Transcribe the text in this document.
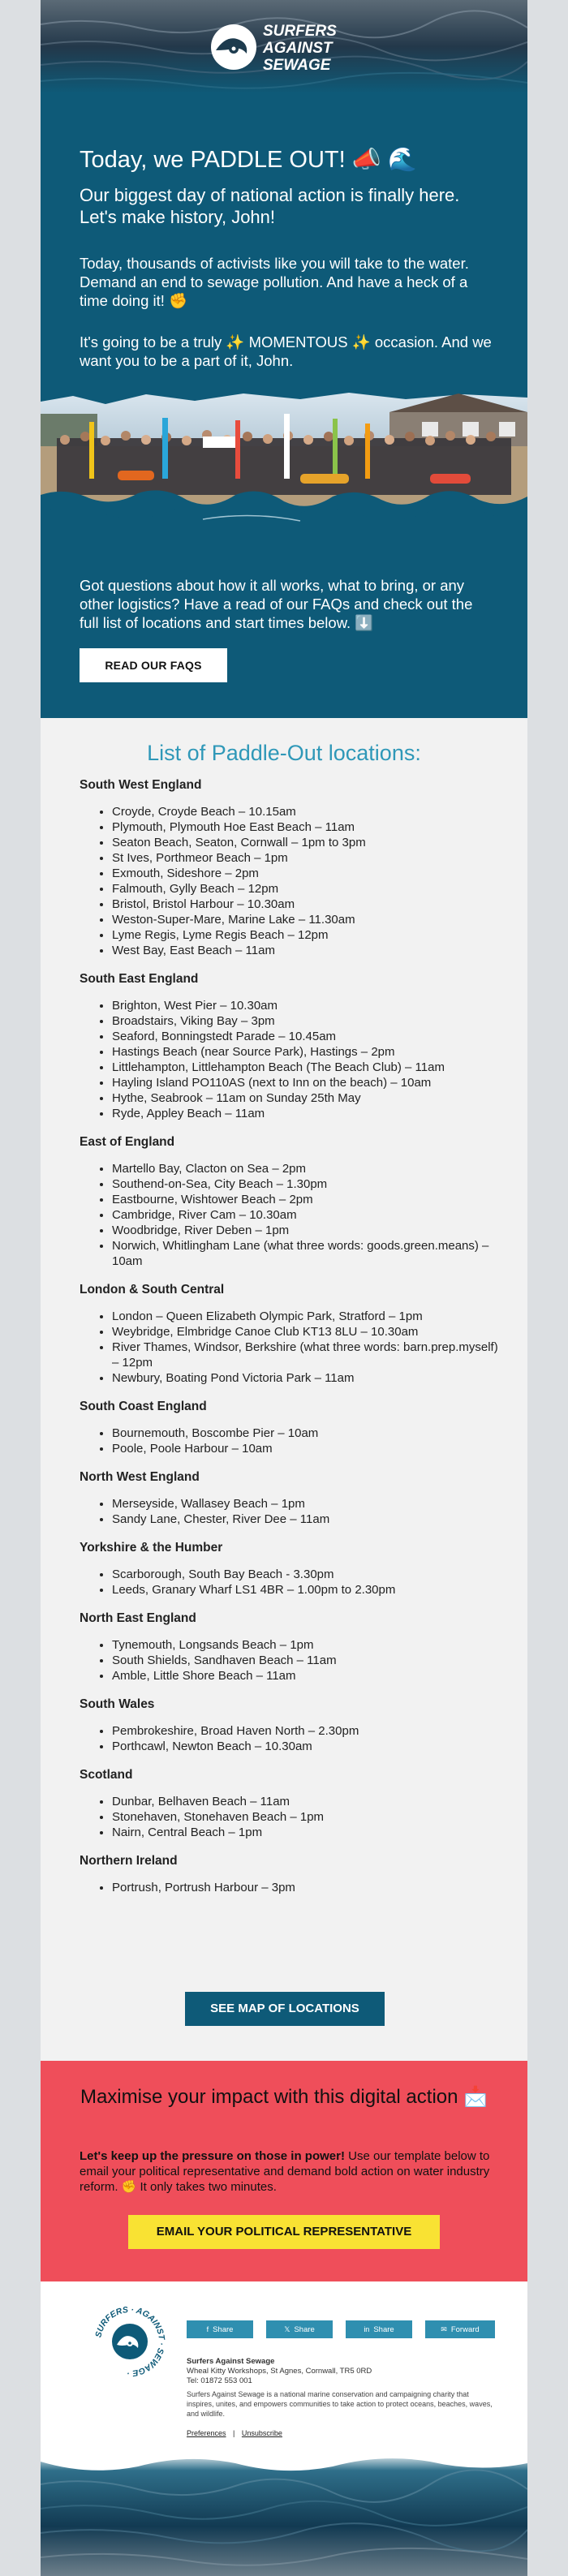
SURFERS
AGAINST
SEWAGE
Today, we PADDLE OUT! 📣 🌊
Our biggest day of national action is finally here. Let's make history, John!
Today, thousands of activists like you will take to the water. Demand an end to sewage pollution. And have a heck of a time doing it! ✊
It's going to be a truly ✨ MOMENTOUS ✨ occasion. And we want you to be a part of it, John.
Got questions about how it all works, what to bring, or any other logistics? Have a read of our FAQs and check out the full list of locations and start times below. ⬇️
READ OUR FAQS
List of Paddle-Out locations:
South West England
• Croyde, Croyde Beach – 10.15am
• Plymouth, Plymouth Hoe East Beach – 11am
• Seaton Beach, Seaton, Cornwall – 1pm to 3pm
• St Ives, Porthmeor Beach – 1pm
• Exmouth, Sideshore – 2pm
• Falmouth, Gylly Beach – 12pm
• Bristol, Bristol Harbour – 10.30am
• Weston-Super-Mare, Marine Lake – 11.30am
• Lyme Regis, Lyme Regis Beach – 12pm
• West Bay, East Beach – 11am
South East England
• Brighton, West Pier – 10.30am
• Broadstairs, Viking Bay – 3pm
• Seaford, Bonningstedt Parade – 10.45am
• Hastings Beach (near Source Park), Hastings – 2pm
• Littlehampton, Littlehampton Beach (The Beach Club) – 11am
• Hayling Island PO110AS (next to Inn on the beach) – 10am
• Hythe, Seabrook – 11am on Sunday 25th May
• Ryde, Appley Beach – 11am
East of England
• Martello Bay, Clacton on Sea – 2pm
• Southend-on-Sea, City Beach – 1.30pm
• Eastbourne, Wishtower Beach – 2pm
• Cambridge, River Cam – 10.30am
• Woodbridge, River Deben – 1pm
• Norwich, Whitlingham Lane (what three words: goods.green.means) – 10am
London & South Central
• London – Queen Elizabeth Olympic Park, Stratford – 1pm
• Weybridge, Elmbridge Canoe Club KT13 8LU – 10.30am
• River Thames, Windsor, Berkshire (what three words: barn.prep.myself) – 12pm
• Newbury, Boating Pond Victoria Park – 11am
South Coast England
• Bournemouth, Boscombe Pier – 10am
• Poole, Poole Harbour – 10am
North West England
• Merseyside, Wallasey Beach – 1pm
• Sandy Lane, Chester, River Dee – 11am
Yorkshire & the Humber
• Scarborough, South Bay Beach - 3.30pm
• Leeds, Granary Wharf LS1 4BR – 1.00pm to 2.30pm
North East England
• Tynemouth, Longsands Beach – 1pm
• South Shields, Sandhaven Beach – 11am
• Amble, Little Shore Beach – 11am
South Wales
• Pembrokeshire, Broad Haven North – 2.30pm
• Porthcawl, Newton Beach – 10.30am
Scotland
• Dunbar, Belhaven Beach – 11am
• Stonehaven, Stonehaven Beach – 1pm
• Nairn, Central Beach – 1pm
Northern Ireland
• Portrush, Portrush Harbour – 3pm
SEE MAP OF LOCATIONS
Maximise your impact with this digital action 📩
Let's keep up the pressure on those in power! Use our template below to email your political representative and demand bold action on water industry reform. ✊ It only takes two minutes.
EMAIL YOUR POLITICAL REPRESENTATIVE
SURFERS · AGAINST · SEWAGE ·
f Share	𝕏 Share	in Share	✉ Forward
Surfers Against Sewage
Wheal Kitty Workshops, St Agnes, Cornwall, TR5 0RD
Tel: 01872 553 001
Surfers Against Sewage is a national marine conservation and campaigning charity that inspires, unites, and empowers communities to take action to protect oceans, beaches, waves, and wildlife.
Preferences | Unsubscribe
